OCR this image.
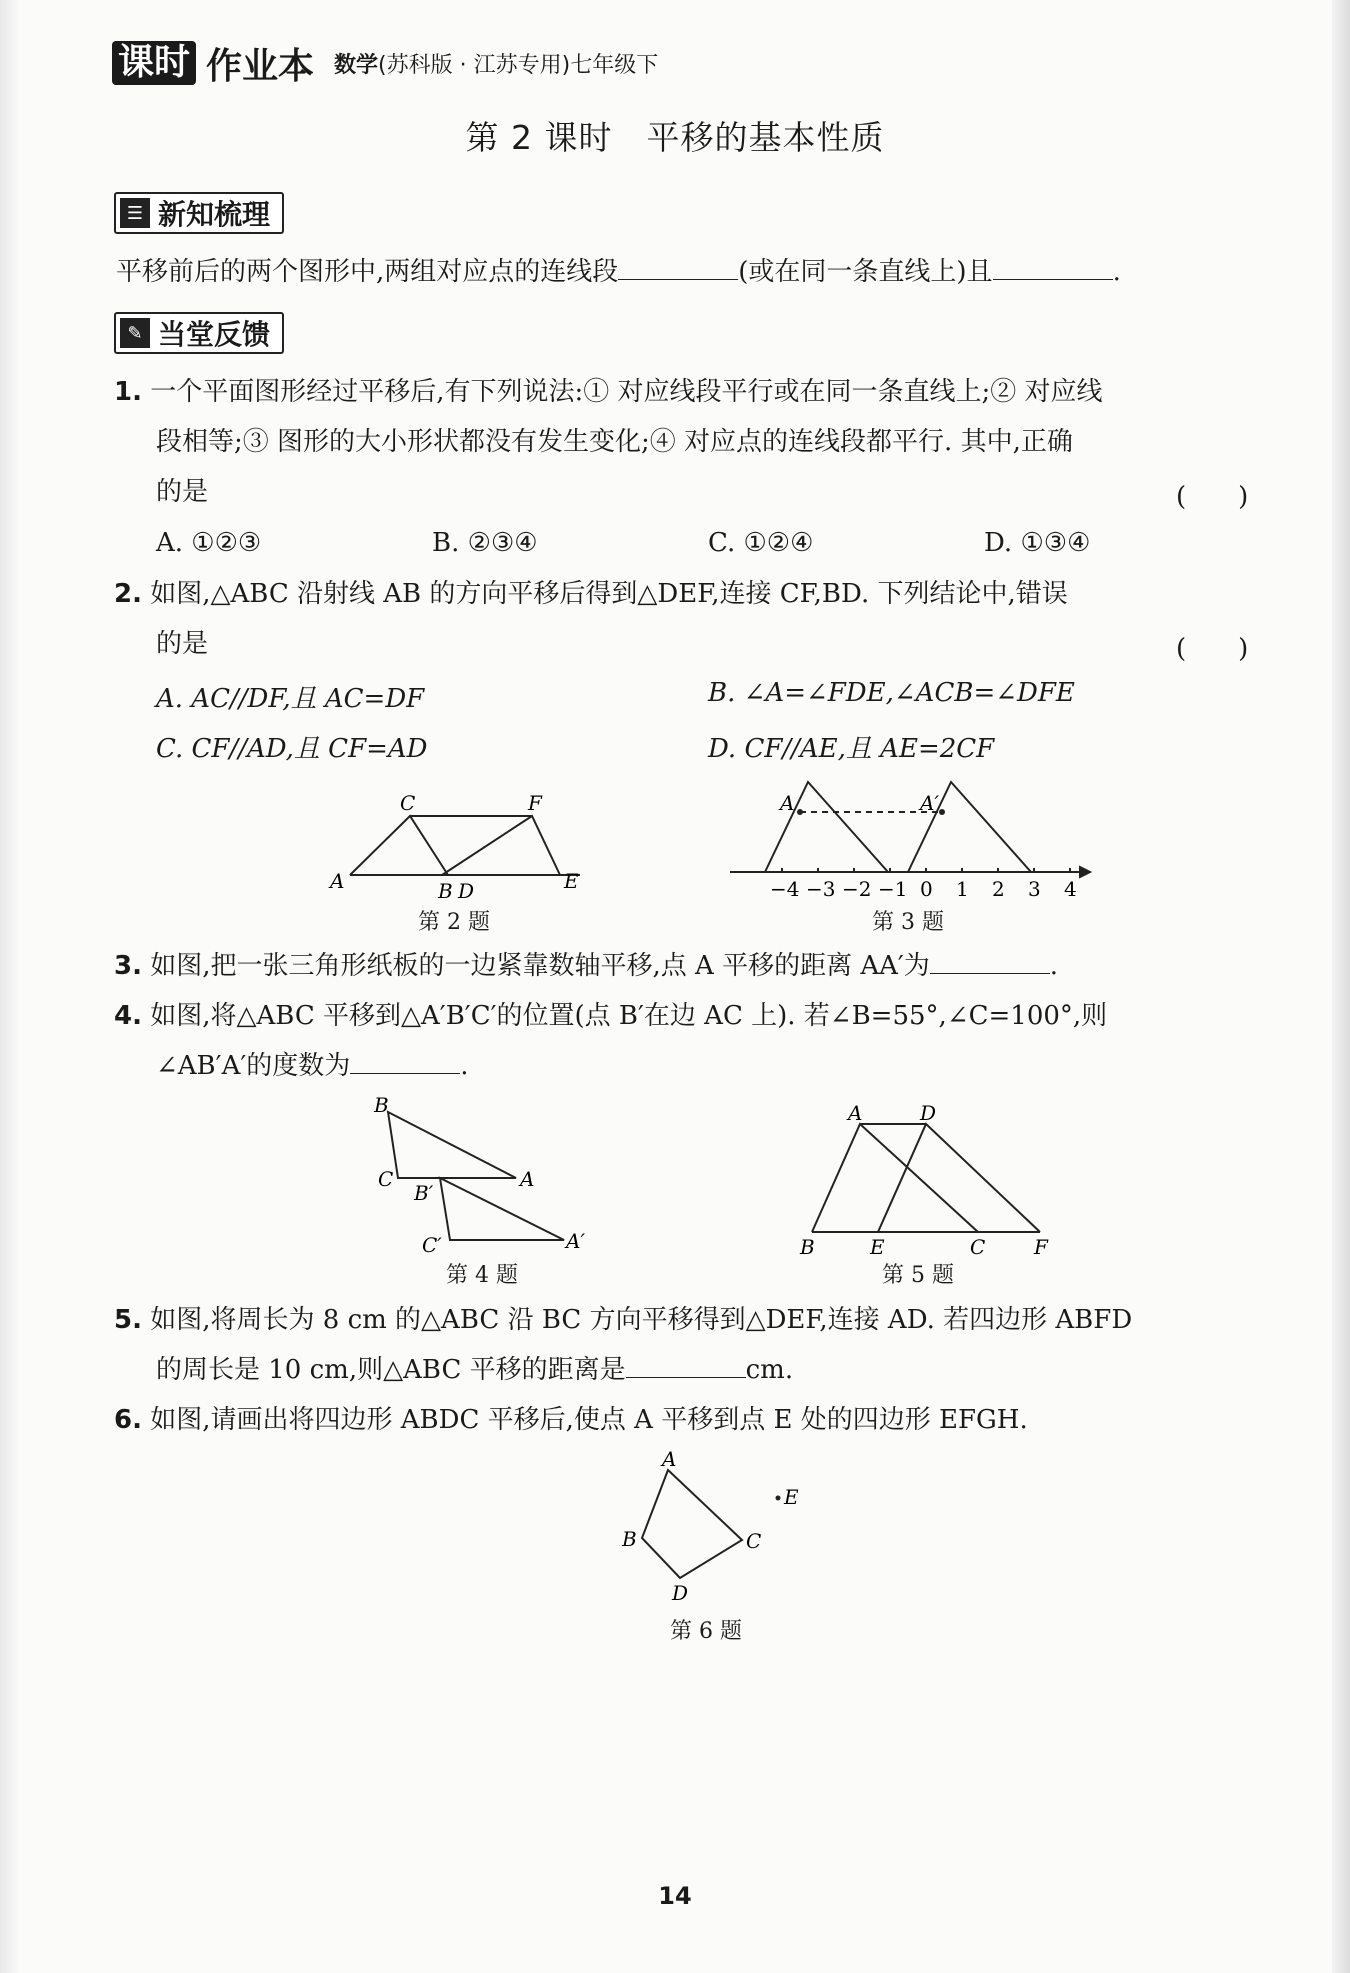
课时 作业本 数学(苏科版 · 江苏专用)七年级下
第 2 课时　平移的基本性质
☰ 新知梳理
平移前后的两个图形中,两组对应点的连线段	(或在同一条直线上)且	.
✎ 当堂反馈
1. 一个平面图形经过平移后,有下列说法:① 对应线段平行或在同一条直线上;② 对应线
段相等;③ 图形的大小形状都没有发生变化;④ 对应点的连线段都平行. 其中,正确
的是	(　　)
A. ①②③	B. ②③④	C. ①②④	D. ①③④
2. 如图,△ABC 沿射线 AB 的方向平移后得到△DEF,连接 CF,BD. 下列结论中,错误
的是	(　　)
A. AC//DF,且 AC=DF	B. ∠A=∠FDE,∠ACB=∠DFE
C. CF//AD,且 CF=AD	D. CF//AE,且 AE=2CF
A	B D	E
C	F
第 2 题
−4 −3 −2 −1 0 1 2 3 4
A	A′
第 3 题
3. 如图,把一张三角形纸板的一边紧靠数轴平移,点 A 平移的距离 AA′为	.
4. 如图,将△ABC 平移到△A′B′C′的位置(点 B′在边 AC 上). 若∠B=55°,∠C=100°,则
∠AB′A′的度数为	.
B
C	A
B′
C′	A′
第 4 题
A	D
B	E	C F
第 5 题
5. 如图,将周长为 8 cm 的△ABC 沿 BC 方向平移得到△DEF,连接 AD. 若四边形 ABFD
的周长是 10 cm,则△ABC 平移的距离是	cm.
6. 如图,请画出将四边形 ABDC 平移后,使点 A 平移到点 E 处的四边形 EFGH.
A
B	C
D
E
第 6 题
14
